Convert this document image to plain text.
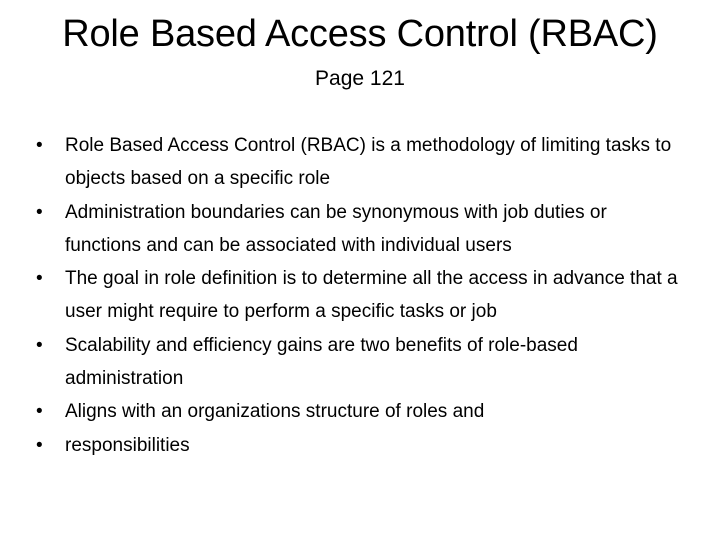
Role Based Access Control (RBAC)
Page 121
• Role Based Access Control (RBAC) is a methodology of limiting tasks to objects based on a specific role
• Administration boundaries can be synonymous with job duties or functions and can be associated with individual users
• The goal in role definition is to determine all the access in advance that a user might require to perform a specific tasks or job
• Scalability and efficiency gains are two benefits of role-based administration
• Aligns with an organizations structure of roles and
• responsibilities
